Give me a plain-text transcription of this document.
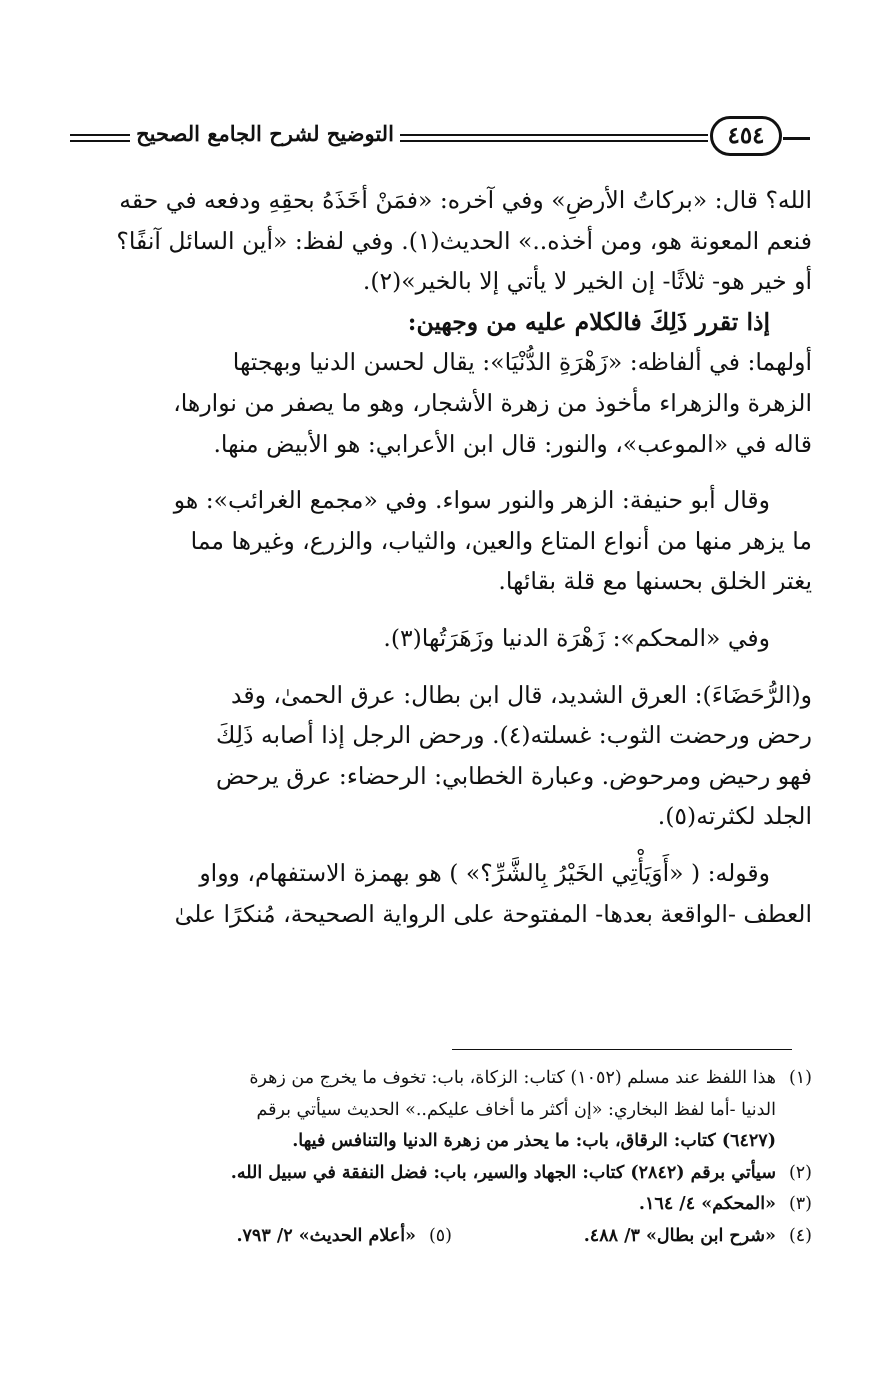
التوضيح لشرح الجامع الصحيح	٤٥٤

الله؟ قال: «بركاتُ الأرضِ» وفي آخره: «فمَنْ أخَذَهُ بحقِهِ ودفعه في حقه
فنعم المعونة هو، ومن أخذه..» الحديث(١). وفي لفظ: «أين السائل آنفًا؟
أو خير هو- ثلاثًا- إن الخير لا يأتي إلا بالخير»(٢).

إذا تقرر ذَلِكَ فالكلام عليه من وجهين:

أولهما: في ألفاظه: «زَهْرَةِ الدُّنْيَا»: يقال لحسن الدنيا وبهجتها
الزهرة والزهراء مأخوذ من زهرة الأشجار، وهو ما يصفر من نوارها،
قاله في «الموعب»، والنور: قال ابن الأعرابي: هو الأبيض منها.

وقال أبو حنيفة: الزهر والنور سواء. وفي «مجمع الغرائب»: هو
ما يزهر منها من أنواع المتاع والعين، والثياب، والزرع، وغيرها مما
يغتر الخلق بحسنها مع قلة بقائها.

وفي «المحكم»: زَهْرَة الدنيا وزَهَرَتُها(٣).

و(الرُّحَضَاءَ): العرق الشديد، قال ابن بطال: عرق الحمىٰ، وقد
رحض ورحضت الثوب: غسلته(٤). ورحض الرجل إذا أصابه ذَلِكَ
فهو رحيض ومرحوض. وعبارة الخطابي: الرحضاء: عرق يرحض
الجلد لكثرته(٥).

وقوله: ( «أَوَيَأْتِي الخَيْرُ بِالشَّرِّ؟» ) هو بهمزة الاستفهام، وواو
العطف -الواقعة بعدها- المفتوحة على الرواية الصحيحة، مُنكرًا علىٰ

(١)هذا اللفظ عند مسلم (١٠٥٢) كتاب: الزكاة، باب: تخوف ما يخرج من زهرة

الدنيا -أما لفظ البخاري: «إن أكثر ما أخاف عليكم..» الحديث سيأتي برقم

(٦٤٢٧) كتاب: الرقاق، باب: ما يحذر من زهرة الدنيا والتنافس فيها.

(٢)سيأتي برقم (٢٨٤٢) كتاب: الجهاد والسير، باب: فضل النفقة في سبيل الله.

(٣)«المحكم» ٤/ ١٦٤.

(٤)«شرح ابن بطال» ٣/ ٤٨٨.
(٥)«أعلام الحديث» ٢/ ٧٩٣.
